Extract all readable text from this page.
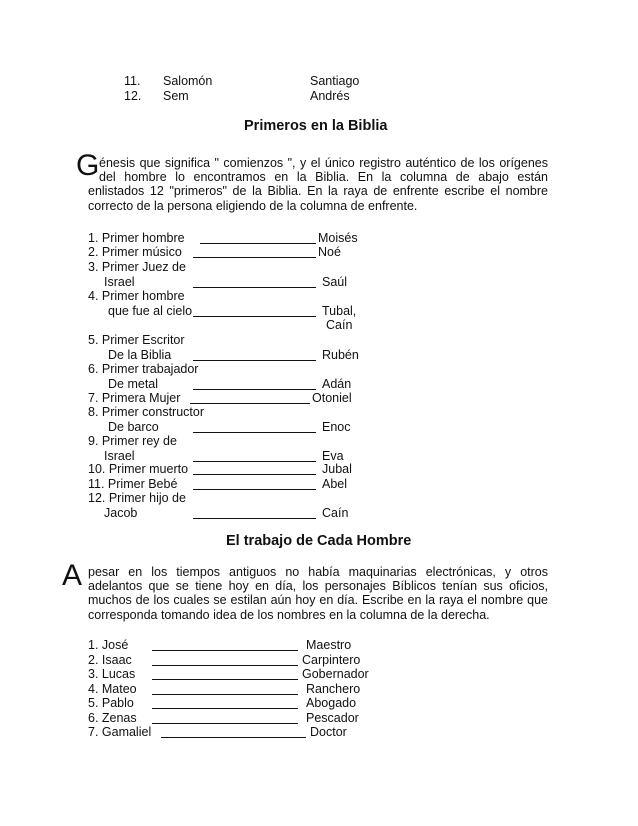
11. Salomón	Santiago
12. Sem	Andrés
Primeros en la Biblia
G énesis que significa " comienzos ", y el único registro auténtico de los orígenes
del hombre lo encontramos en la Biblia. En la columna de abajo están
enlistados 12 "primeros" de la Biblia. En la raya de enfrente escribe el nombre correcto de la persona eligiendo de la columna de enfrente.
1. Primer hombre	Moisés
2. Primer músico	Noé
3. Primer Juez de
Israel	Saúl
4. Primer hombre
que fue al cielo	Tubal,
Caín
5. Primer Escritor
De la Biblia	Rubén
6. Primer trabajador
De metal	Adán
7. Primera Mujer	Otoniel
8. Primer constructor
De barco	Enoc
9. Primer rey de
Israel	Eva
10. Primer muerto	Jubal
11. Primer Bebé	Abel
12. Primer hijo de
Jacob	Caín
El trabajo de Cada Hombre
A pesar en los tiempos antiguos no había maquinarias electrónicas, y otros
adelantos que se tiene hoy en día, los personajes Bíblicos tenían sus oficios,
muchos de los cuales se estilan aún hoy en día. Escribe en la raya el nombre que corresponda tomando idea de los nombres en la columna de la derecha.
1. José	Maestro
2. Isaac	Carpintero
3. Lucas	Gobernador
4. Mateo	Ranchero
5. Pablo	Abogado
6. Zenas	Pescador
7. Gamaliel	Doctor
